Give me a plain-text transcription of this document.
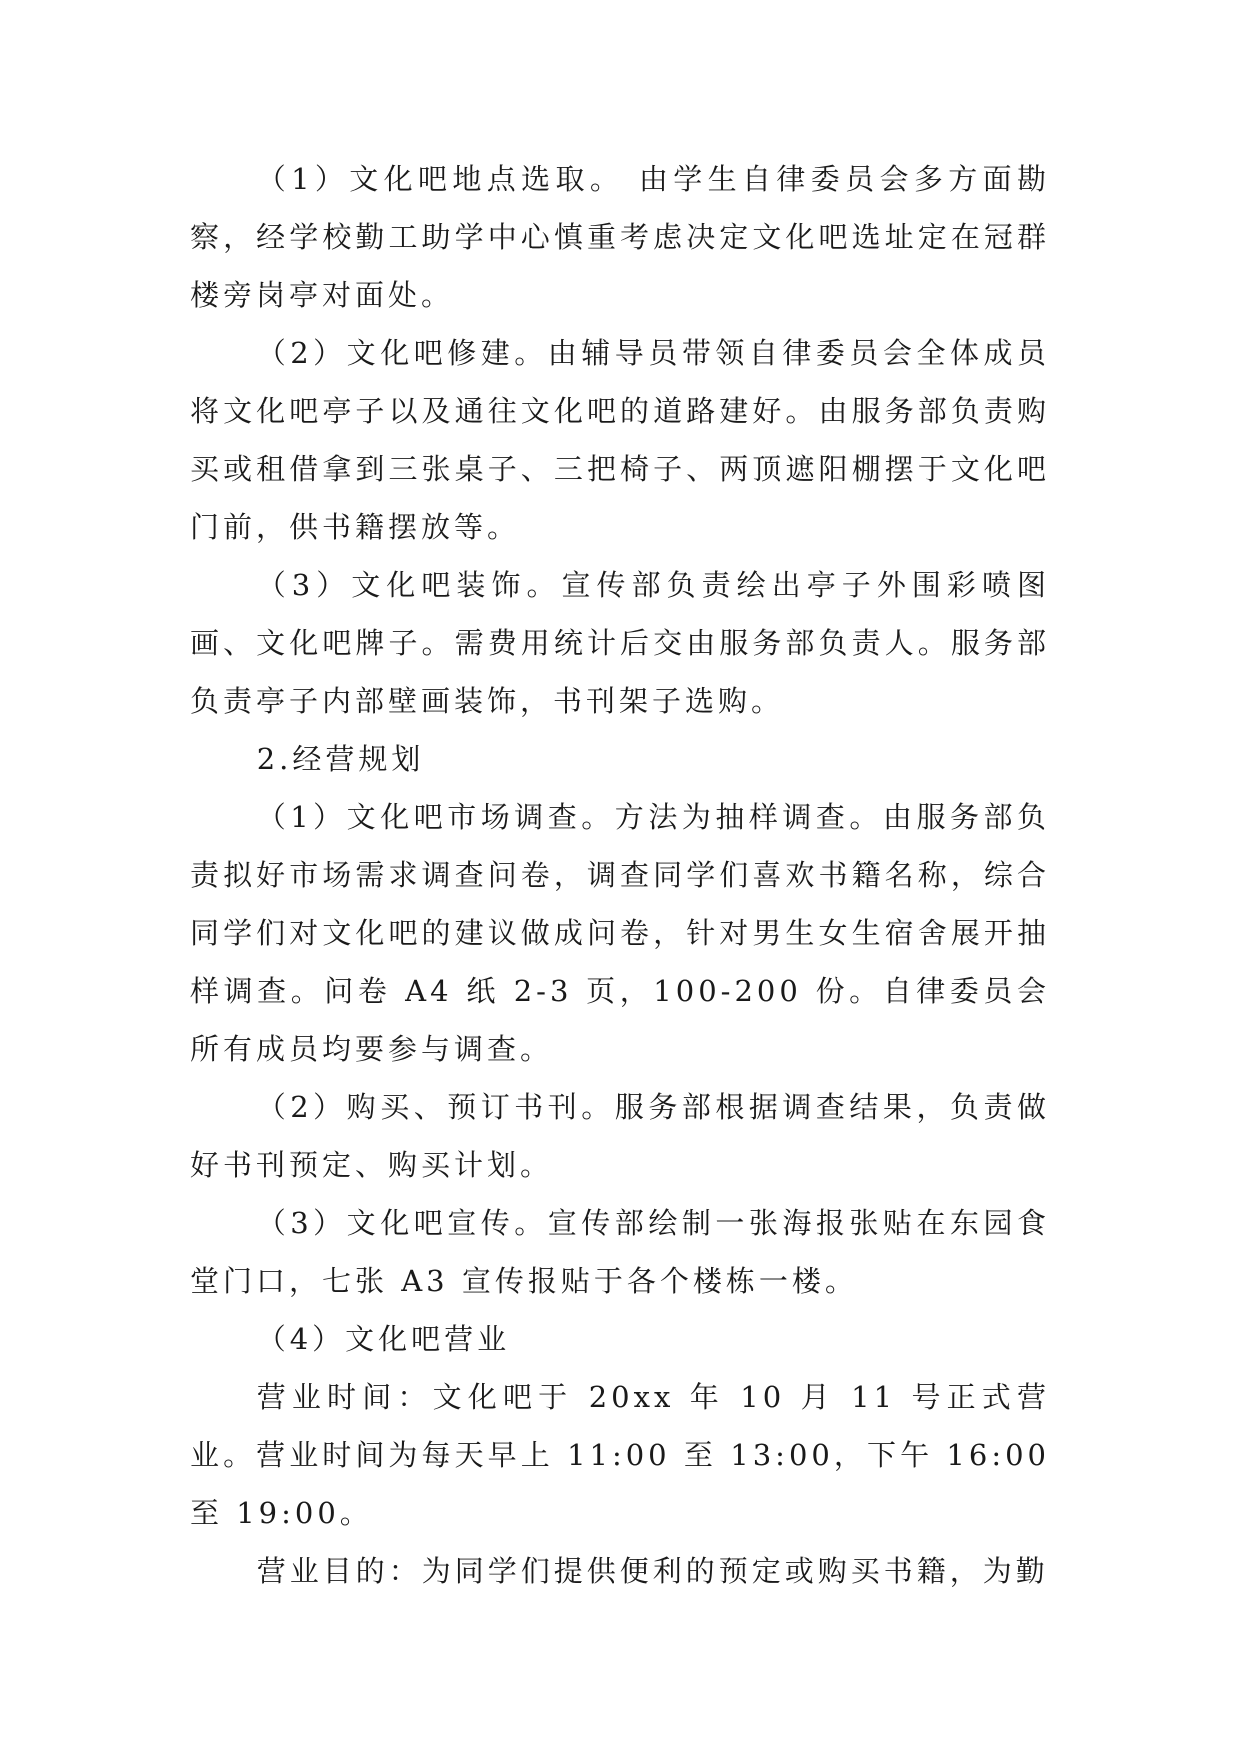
（1）文化吧地点选取。 由学生自律委员会多方面勘察，经学校勤工助学中心慎重考虑决定文化吧选址定在冠群楼旁岗亭对面处。

（2）文化吧修建。由辅导员带领自律委员会全体成员将文化吧亭子以及通往文化吧的道路建好。由服务部负责购买或租借拿到三张桌子、三把椅子、两顶遮阳棚摆于文化吧门前，供书籍摆放等。

（3）文化吧装饰。宣传部负责绘出亭子外围彩喷图画、文化吧牌子。需费用统计后交由服务部负责人。服务部负责亭子内部壁画装饰，书刊架子选购。

2.经营规划

（1）文化吧市场调查。方法为抽样调查。由服务部负责拟好市场需求调查问卷，调查同学们喜欢书籍名称，综合同学们对文化吧的建议做成问卷，针对男生女生宿舍展开抽样调查。问卷 A4 纸 2-3 页，100-200 份。自律委员会所有成员均要参与调查。

（2）购买、预订书刊。服务部根据调查结果，负责做好书刊预定、购买计划。

（3）文化吧宣传。宣传部绘制一张海报张贴在东园食堂门口，七张 A3 宣传报贴于各个楼栋一楼。

（4）文化吧营业

营业时间：文化吧于 20xx 年 10 月 11 号正式营业。营业时间为每天早上 11:00 至 13:00，下午 16:00 至 19:00。

营业目的：为同学们提供便利的预定或购买书籍，为勤
